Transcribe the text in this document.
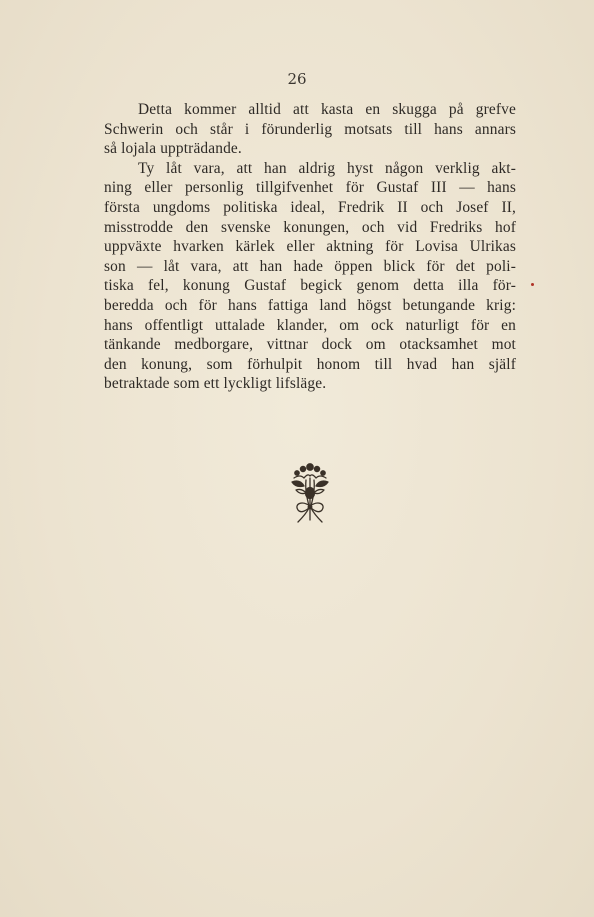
26
Detta kommer alltid att kasta en skugga på grefve
Schwerin och står i förunderlig motsats till hans annars
så lojala uppträdande.
Ty låt vara, att han aldrig hyst någon verklig akt-
ning eller personlig tillgifvenhet för Gustaf III — hans
första ungdoms politiska ideal, Fredrik II och Josef II,
misstrodde den svenske konungen, och vid Fredriks hof
uppväxte hvarken kärlek eller aktning för Lovisa Ulrikas
son — låt vara, att han hade öppen blick för det poli-
tiska fel, konung Gustaf begick genom detta illa för-
beredda och för hans fattiga land högst betungande krig:
hans offentligt uttalade klander, om ock naturligt för en
tänkande medborgare, vittnar dock om otacksamhet mot
den konung, som förhulpit honom till hvad han själf
betraktade som ett lyckligt lifsläge.
